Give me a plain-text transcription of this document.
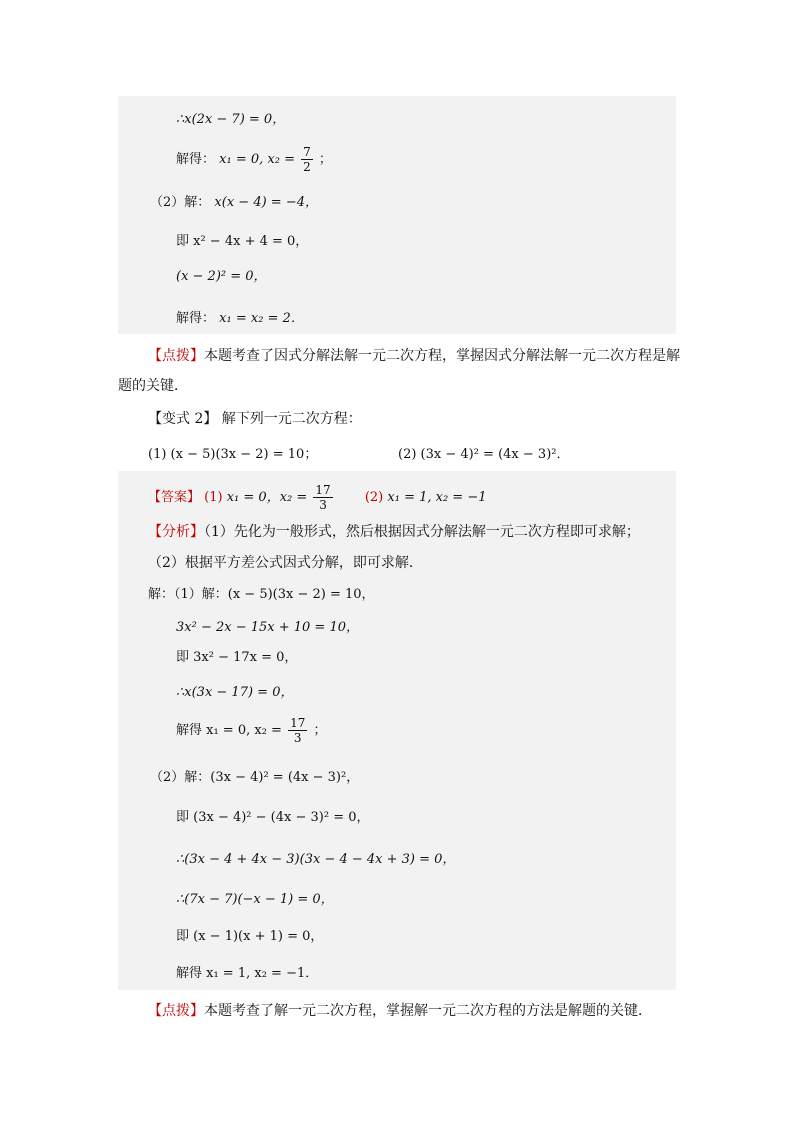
∴x(2x − 7) = 0，
解得： x₁ = 0, $x_2 = \frac{7}{2}$ ；
（2）解： x(x − 4) = −4，
即 x² − 4x + 4 = 0，
(x − 2)² = 0，
解得： x₁ = x₂ = 2．
【点拨】本题考查了因式分解法解一元二次方程，掌握因式分解法解一元二次方程是解
题的关键．
【变式 2】 解下列一元二次方程：
(1) (x − 5)(3x − 2) = 10；	(2) (3x − 4)² = (4x − 3)²．
【答案】 (1) x₁ = 0，$x_2 = \frac{17}{3} (2) x_1 = 1$, x₂ = −1
【分析】（1）先化为一般形式，然后根据因式分解法解一元二次方程即可求解；
（2）根据平方差公式因式分解，即可求解．
解：（1）解：(x − 5)(3x − 2) = 10，
3x² − 2x − 15x + 10 = 10，
即 3x² − 17x = 0，
∴x(3x − 17) = 0，
解得 x₁ = 0, $x_2 = \frac{17}{3}$ ；
（2）解：(3x − 4)² = (4x − 3)²，
即 (3x − 4)² − (4x − 3)² = 0，
∴(3x − 4 + 4x − 3)(3x − 4 − 4x + 3) = 0，
∴(7x − 7)(−x − 1) = 0，
即 (x − 1)(x + 1) = 0，
解得 x₁ = 1, x₂ = −1．
【点拨】本题考查了解一元二次方程，掌握解一元二次方程的方法是解题的关键．
